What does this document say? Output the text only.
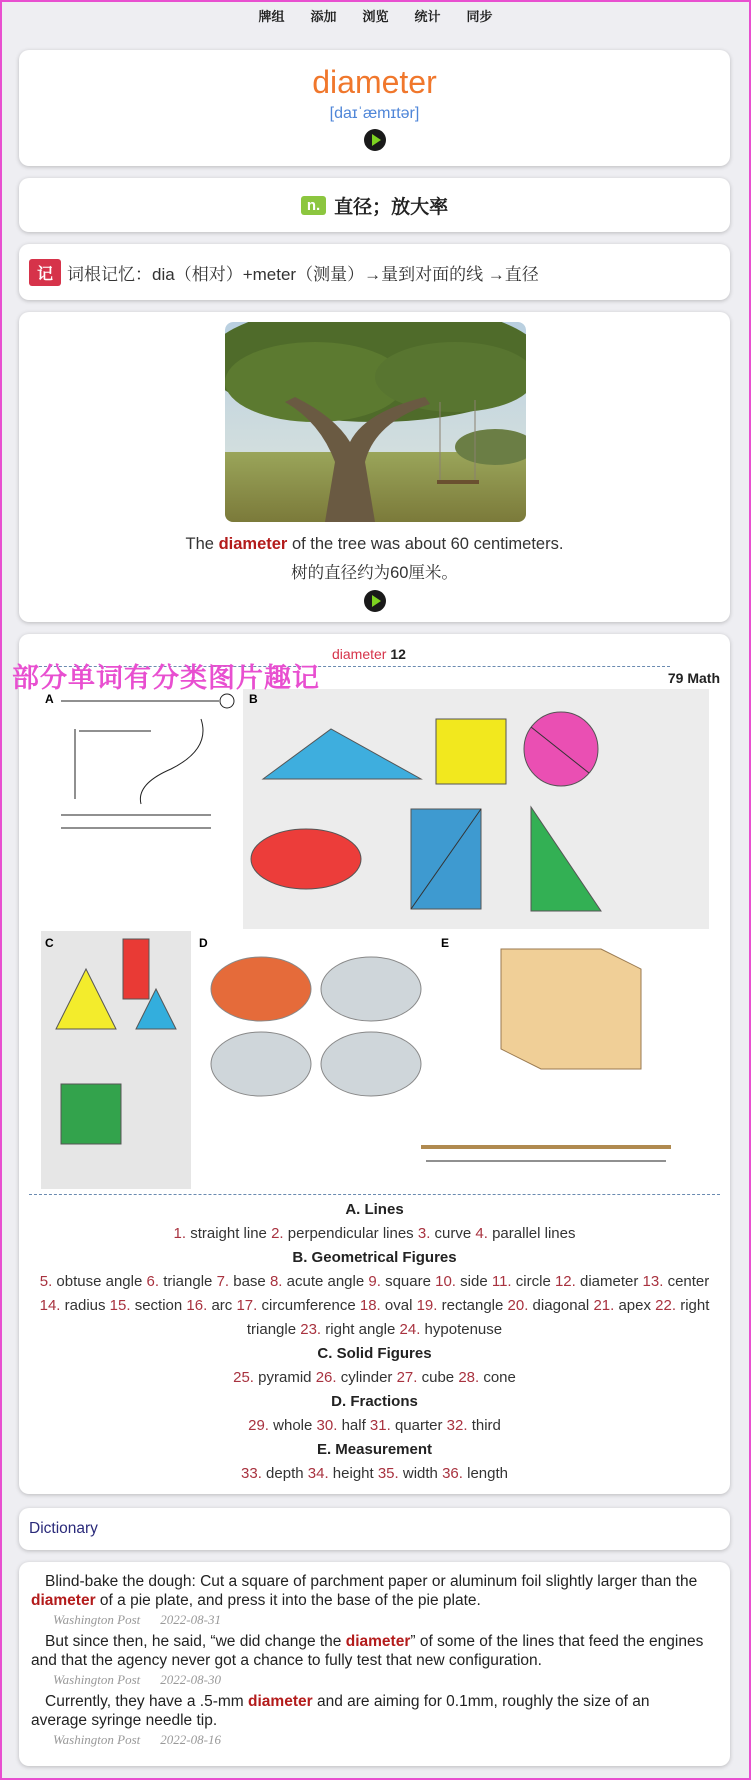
牌组 添加 浏览 统计 同步
diameter
[daɪˈæmɪtər]
n. 直径；放大率
记 词根记忆：dia（相对）+meter（测量）→量到对面的线 →直径
The diameter of the tree was about 60 centimeters.
树的直径约为60厘米。
diameter 12
79 Math
A	B
C	D	E
A. Lines
1. straight line 2. perpendicular lines 3. curve 4. parallel lines
B. Geometrical Figures
5. obtuse angle 6. triangle 7. base 8. acute angle 9. square 10. side 11. circle 12. diameter 13. center 14. radius 15. section 16. arc 17. circumference 18. oval 19. rectangle 20. diagonal 21. apex 22. right triangle 23. right angle 24. hypotenuse
C. Solid Figures
25. pyramid 26. cylinder 27. cube 28. cone
D. Fractions
29. whole 30. half 31. quarter 32. third
E. Measurement
33. depth 34. height 35. width 36. length
部分单词有分类图片趣记
Dictionary
Blind-bake the dough: Cut a square of parchment paper or aluminum foil slightly larger than the diameter of a pie plate, and press it into the base of the pie plate.
Washington Post 2022-08-31
But since then, he said, “we did change the diameter” of some of the lines that feed the engines and that the agency never got a chance to fully test that new configuration.
Washington Post 2022-08-30
Currently, they have a .5-mm diameter and are aiming for 0.1mm, roughly the size of an average syringe needle tip.
Washington Post 2022-08-16
